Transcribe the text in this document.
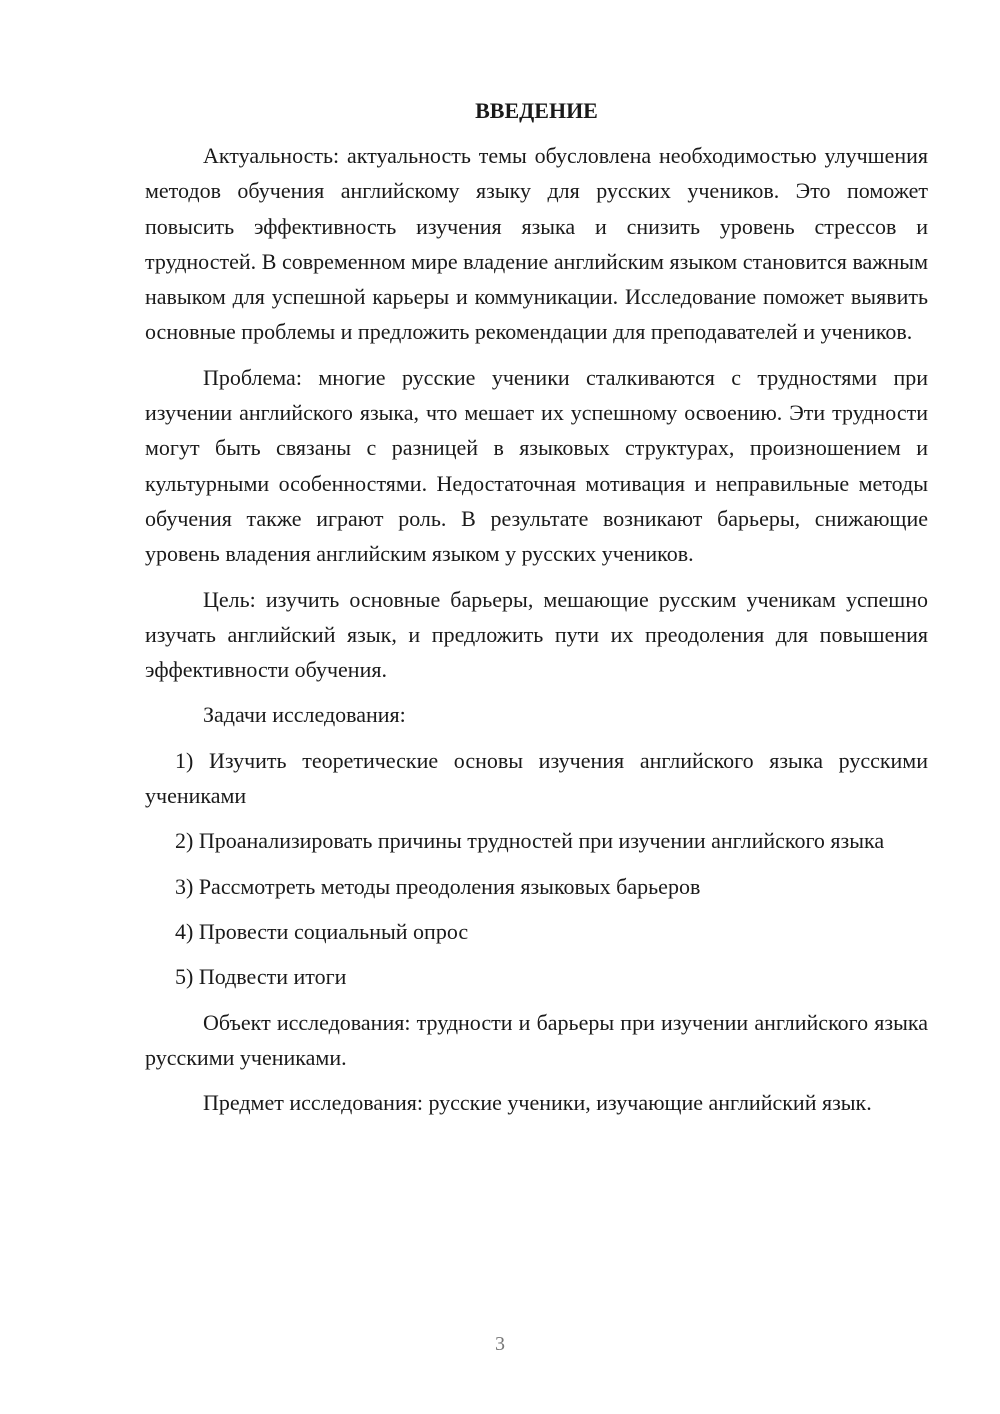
ВВЕДЕНИЕ

Актуальность: актуальность темы обусловлена необходимостью улучшения методов обучения английскому языку для русских учеников. Это поможет повысить эффективность изучения языка и снизить уровень стрессов и трудностей. В современном мире владение английским языком становится важным навыком для успешной карьеры и коммуникации. Исследование поможет выявить основные проблемы и предложить рекомендации для преподавателей и учеников.

Проблема: многие русские ученики сталкиваются с трудностями при изучении английского языка, что мешает их успешному освоению. Эти трудности могут быть связаны с разницей в языковых структурах, произношением и культурными особенностями. Недостаточная мотивация и неправильные методы обучения также играют роль. В результате возникают барьеры, снижающие уровень владения английским языком у русских учеников.

Цель: изучить основные барьеры, мешающие русским ученикам успешно изучать английский язык, и предложить пути их преодоления для повышения эффективности обучения.

Задачи исследования:

1) Изучить теоретические основы изучения английского языка русскими учениками

2) Проанализировать причины трудностей при изучении английского языка

3) Рассмотреть методы преодоления языковых барьеров

4) Провести социальный опрос

5) Подвести итоги

Объект исследования: трудности и барьеры при изучении английского языка русскими учениками.

Предмет исследования: русские ученики, изучающие английский язык.

3
